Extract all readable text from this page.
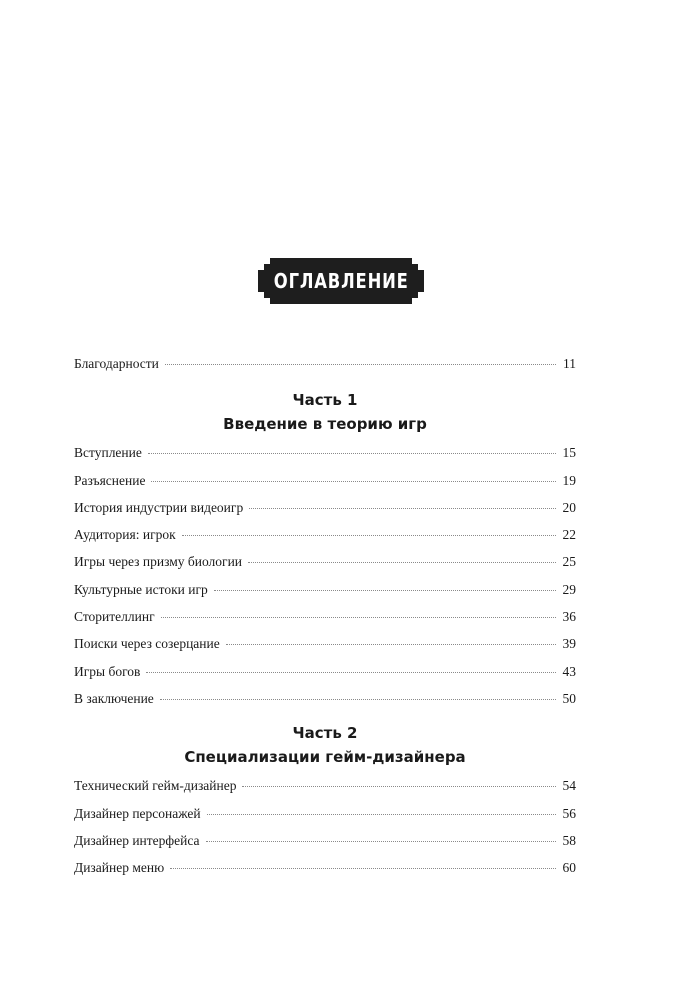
ОГЛАВЛЕНИЕ
Благодарности	11
Часть 1
Введение в теорию игр
Вступление	15
Разъяснение	19
История индустрии видеоигр	20
Аудитория: игрок	22
Игры через призму биологии	25
Культурные истоки игр	29
Сторителлинг	36
Поиски через созерцание	39
Игры богов	43
В заключение	50
Часть 2
Специализации гейм-дизайнера
Технический гейм-дизайнер	54
Дизайнер персонажей	56
Дизайнер интерфейса	58
Дизайнер меню	60
